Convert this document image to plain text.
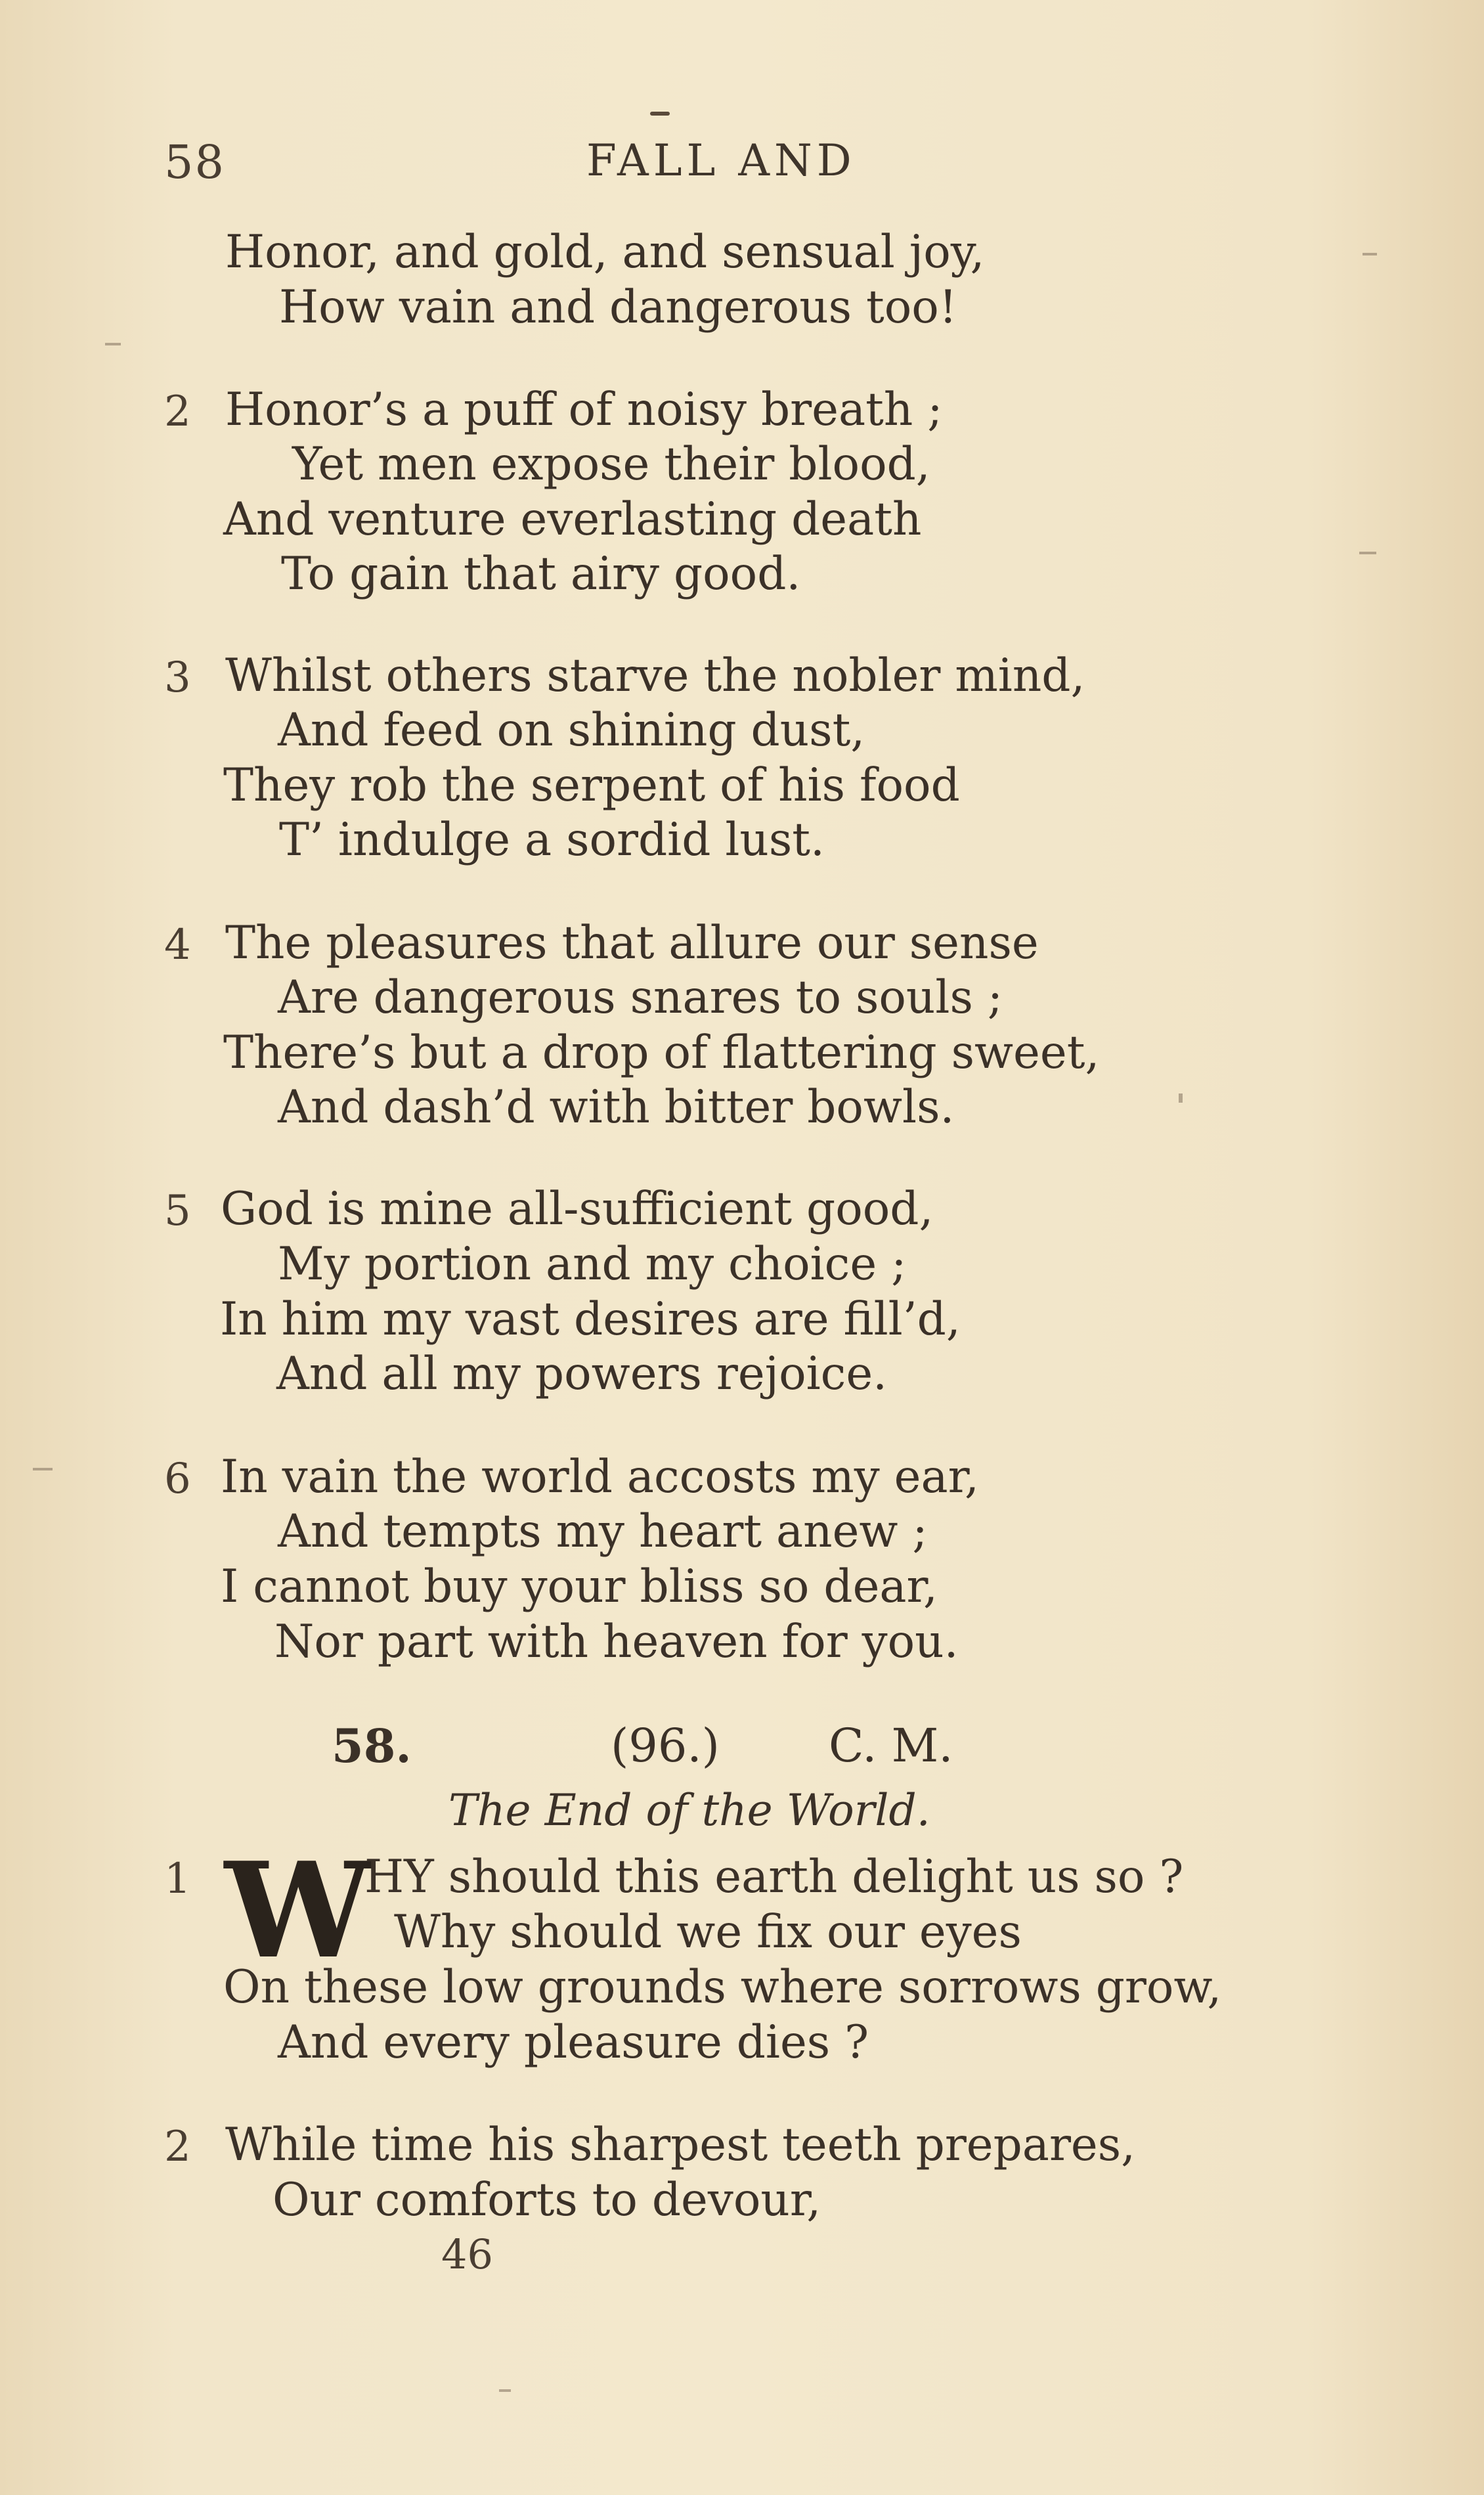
58	FALL AND
Honor, and gold, and sensual joy,
How vain and dangerous too!
2 Honor’s a puff of noisy breath ;
Yet men expose their blood,
And venture everlasting death
To gain that airy good.
3 Whilst others starve the nobler mind,
And feed on shining dust,
They rob the serpent of his food
T’ indulge a sordid lust.
4 The pleasures that allure our sense
Are dangerous snares to souls ;
There’s but a drop of flattering sweet,
And dash’d with bitter bowls.
5 God is mine all-sufficient good,
My portion and my choice ;
In him my vast desires are fill’d,
And all my powers rejoice.
6 In vain the world accosts my ear,
And tempts my heart anew ;
I cannot buy your bliss so dear,
Nor part with heaven for you.
58.	(96.) C. M.
The End of the World.
1 W
HY should this earth delight us so ?
Why should we fix our eyes
On these low grounds where sorrows grow,
And every pleasure dies ?
2 While time his sharpest teeth prepares,
Our comforts to devour,
46
